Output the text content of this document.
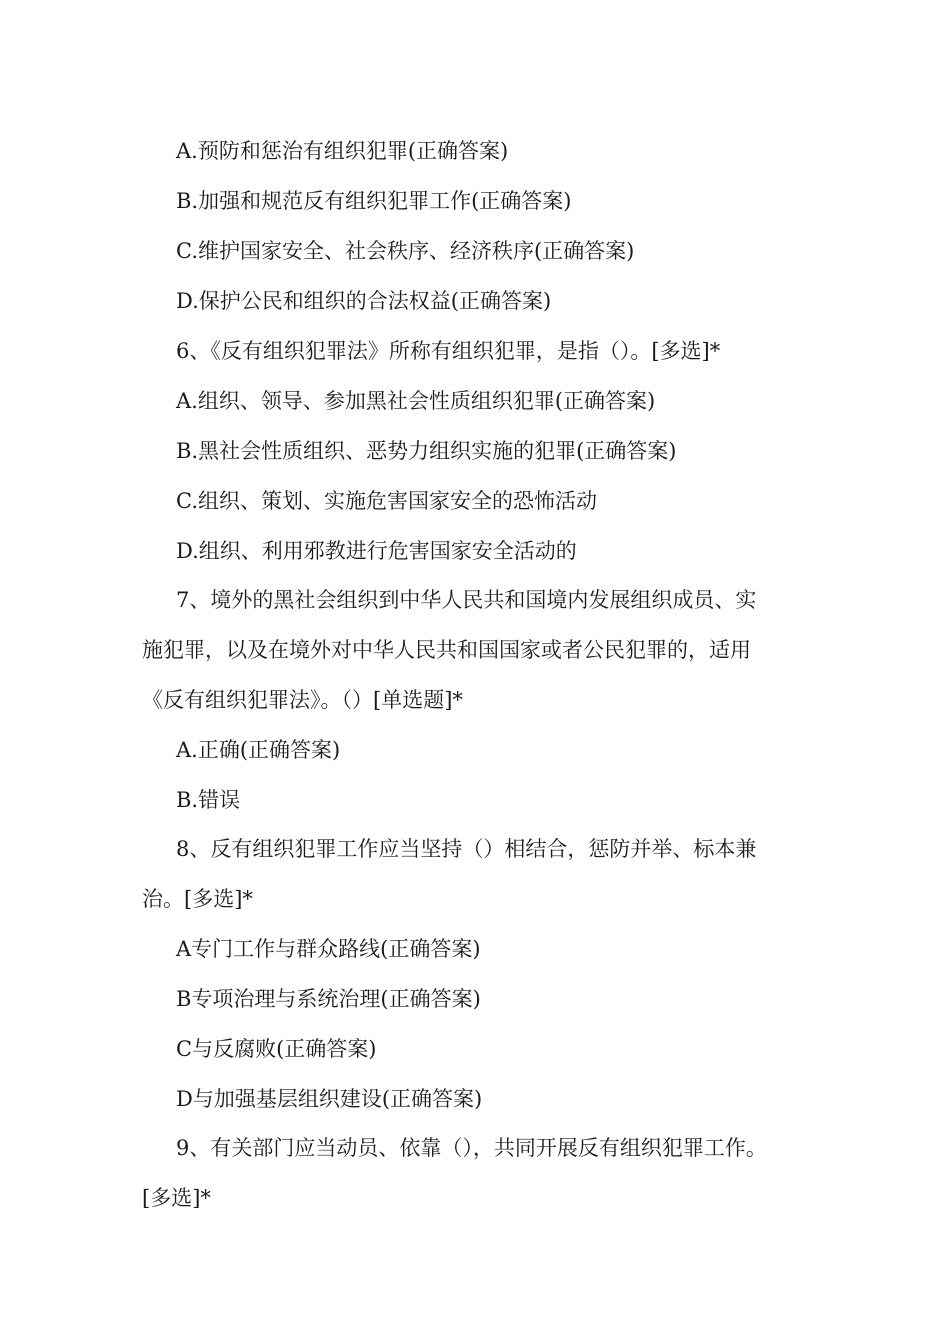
A.预防和惩治有组织犯罪(正确答案)
B.加强和规范反有组织犯罪工作(正确答案)
C.维护国家安全、社会秩序、经济秩序(正确答案)
D.保护公民和组织的合法权益(正确答案)
6、《反有组织犯罪法》所称有组织犯罪，是指（）。[多选]*
A.组织、领导、参加黑社会性质组织犯罪(正确答案)
B.黑社会性质组织、恶势力组织实施的犯罪(正确答案)
C.组织、策划、实施危害国家安全的恐怖活动
D.组织、利用邪教进行危害国家安全活动的
7、境外的黑社会组织到中华人民共和国境内发展组织成员、实
施犯罪，以及在境外对中华人民共和国国家或者公民犯罪的，适用
《反有组织犯罪法》。（）[单选题]*
A.正确(正确答案)
B.错误
8、反有组织犯罪工作应当坚持（）相结合，惩防并举、标本兼
治。[多选]*
A专门工作与群众路线(正确答案)
B专项治理与系统治理(正确答案)
C与反腐败(正确答案)
D与加强基层组织建设(正确答案)
9、有关部门应当动员、依靠（），共同开展反有组织犯罪工作。
[多选]*
